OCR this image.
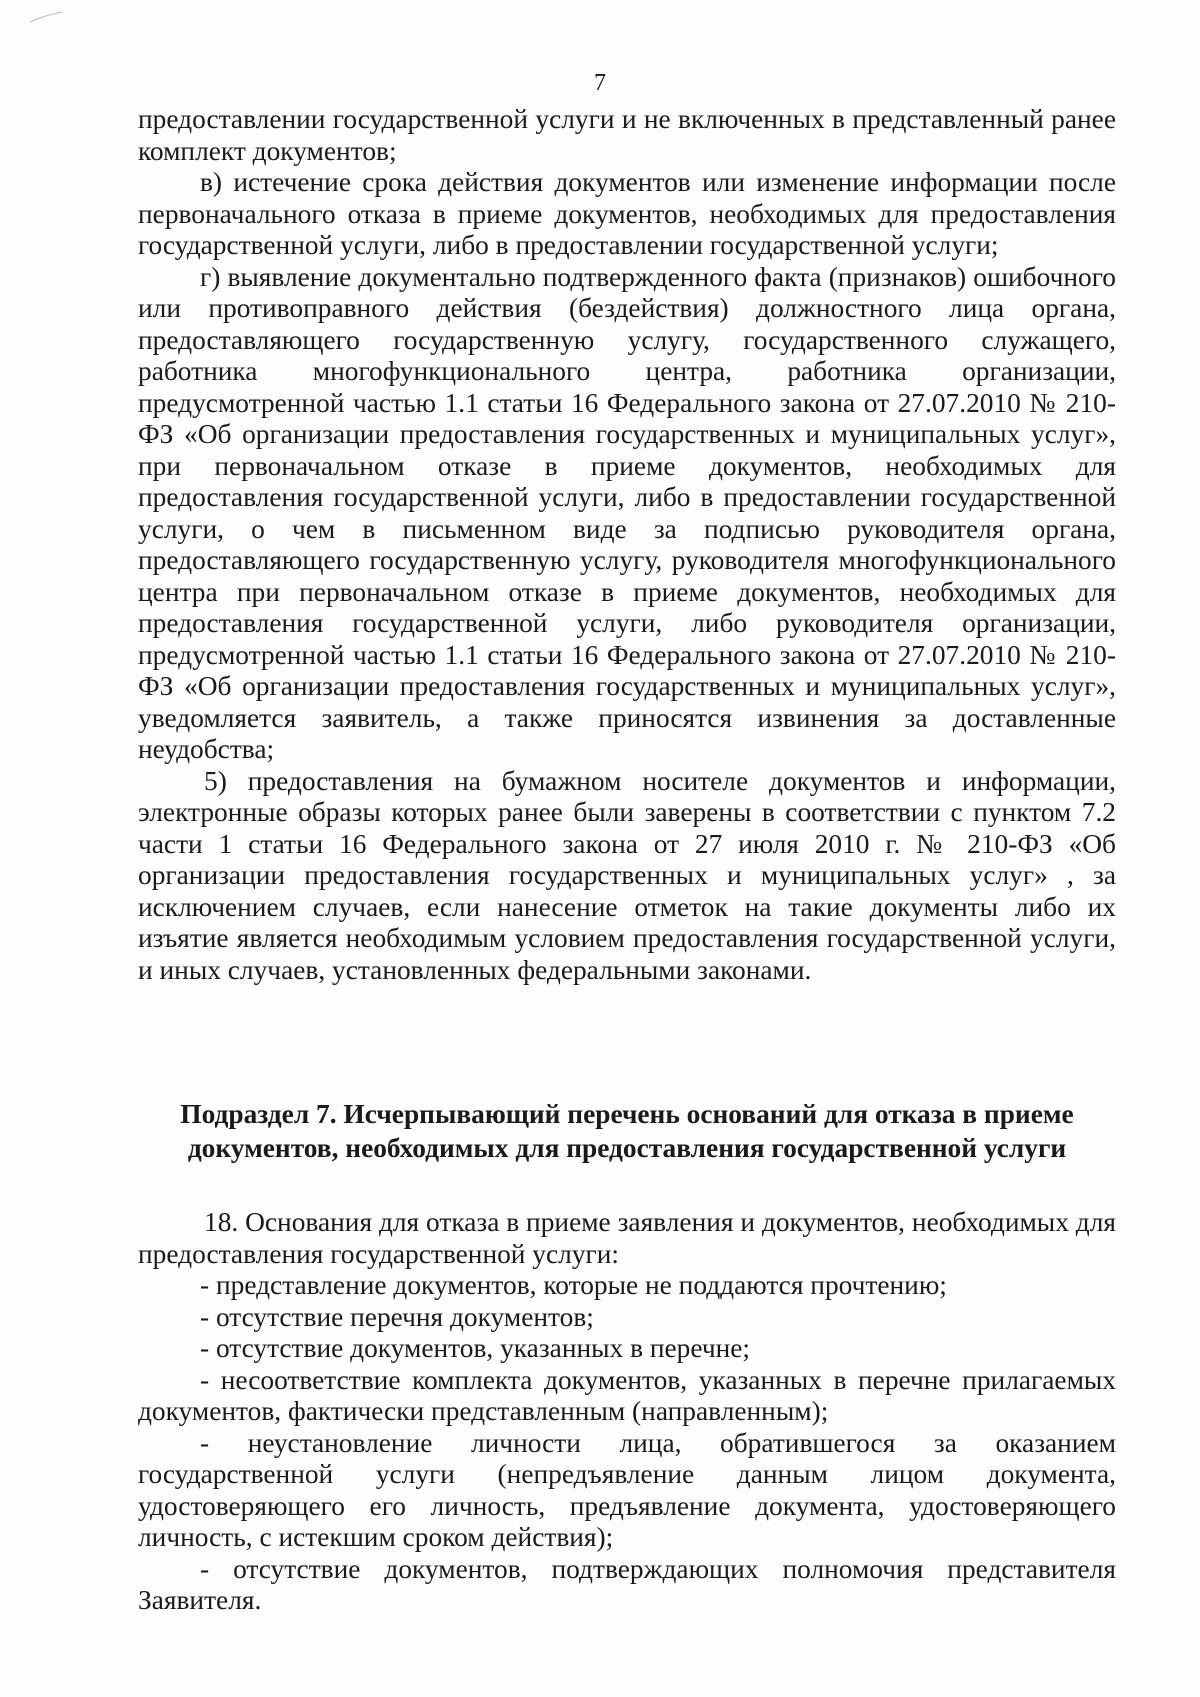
7

предоставлении государственной услуги и не включенных в представленный ранее комплект документов;

в) истечение срока действия документов или изменение информации после первоначального отказа в приеме документов, необходимых для предоставления государственной услуги, либо в предоставлении государственной услуги;

г) выявление документально подтвержденного факта (признаков) ошибочного или противоправного действия (бездействия) должностного лица органа, предоставляющего государственную услугу, государственного служащего, работника многофункционального центра, работника организации, предусмотренной частью 1.1 статьи 16 Федерального закона от 27.07.2010 № 210-ФЗ «Об организации предоставления государственных и муниципальных услуг», при первоначальном отказе в приеме документов, необходимых для предоставления государственной услуги, либо в предоставлении государственной услуги, о чем в письменном виде за подписью руководителя органа, предоставляющего государственную услугу, руководителя многофункционального центра при первоначальном отказе в приеме документов, необходимых для предоставления государственной услуги, либо руководителя организации, предусмотренной частью 1.1 статьи 16 Федерального закона от 27.07.2010 № 210-ФЗ «Об организации предоставления государственных и муниципальных услуг», уведомляется заявитель, а также приносятся извинения за доставленные неудобства;

5) предоставления на бумажном носителе документов и информации, электронные образы которых ранее были заверены в соответствии с пунктом 7.2 части 1 статьи 16 Федерального закона от 27 июля 2010 г. № 210-ФЗ «Об организации предоставления государственных и муниципальных услуг» , за исключением случаев, если нанесение отметок на такие документы либо их изъятие является необходимым условием предоставления государственной услуги, и иных случаев, установленных федеральными законами.

Подраздел 7. Исчерпывающий перечень оснований для отказа в приеме
документов, необходимых для предоставления государственной услуги

18. Основания для отказа в приеме заявления и документов, необходимых для предоставления государственной услуги:

- представление документов, которые не поддаются прочтению;

- отсутствие перечня документов;

- отсутствие документов, указанных в перечне;

- несоответствие комплекта документов, указанных в перечне прилагаемых документов, фактически представленным (направленным);

- неустановление личности лица, обратившегося за оказанием государственной услуги (непредъявление данным лицом документа, удостоверяющего его личность, предъявление документа, удостоверяющего личность, с истекшим сроком действия);

- отсутствие документов, подтверждающих полномочия представителя Заявителя.
